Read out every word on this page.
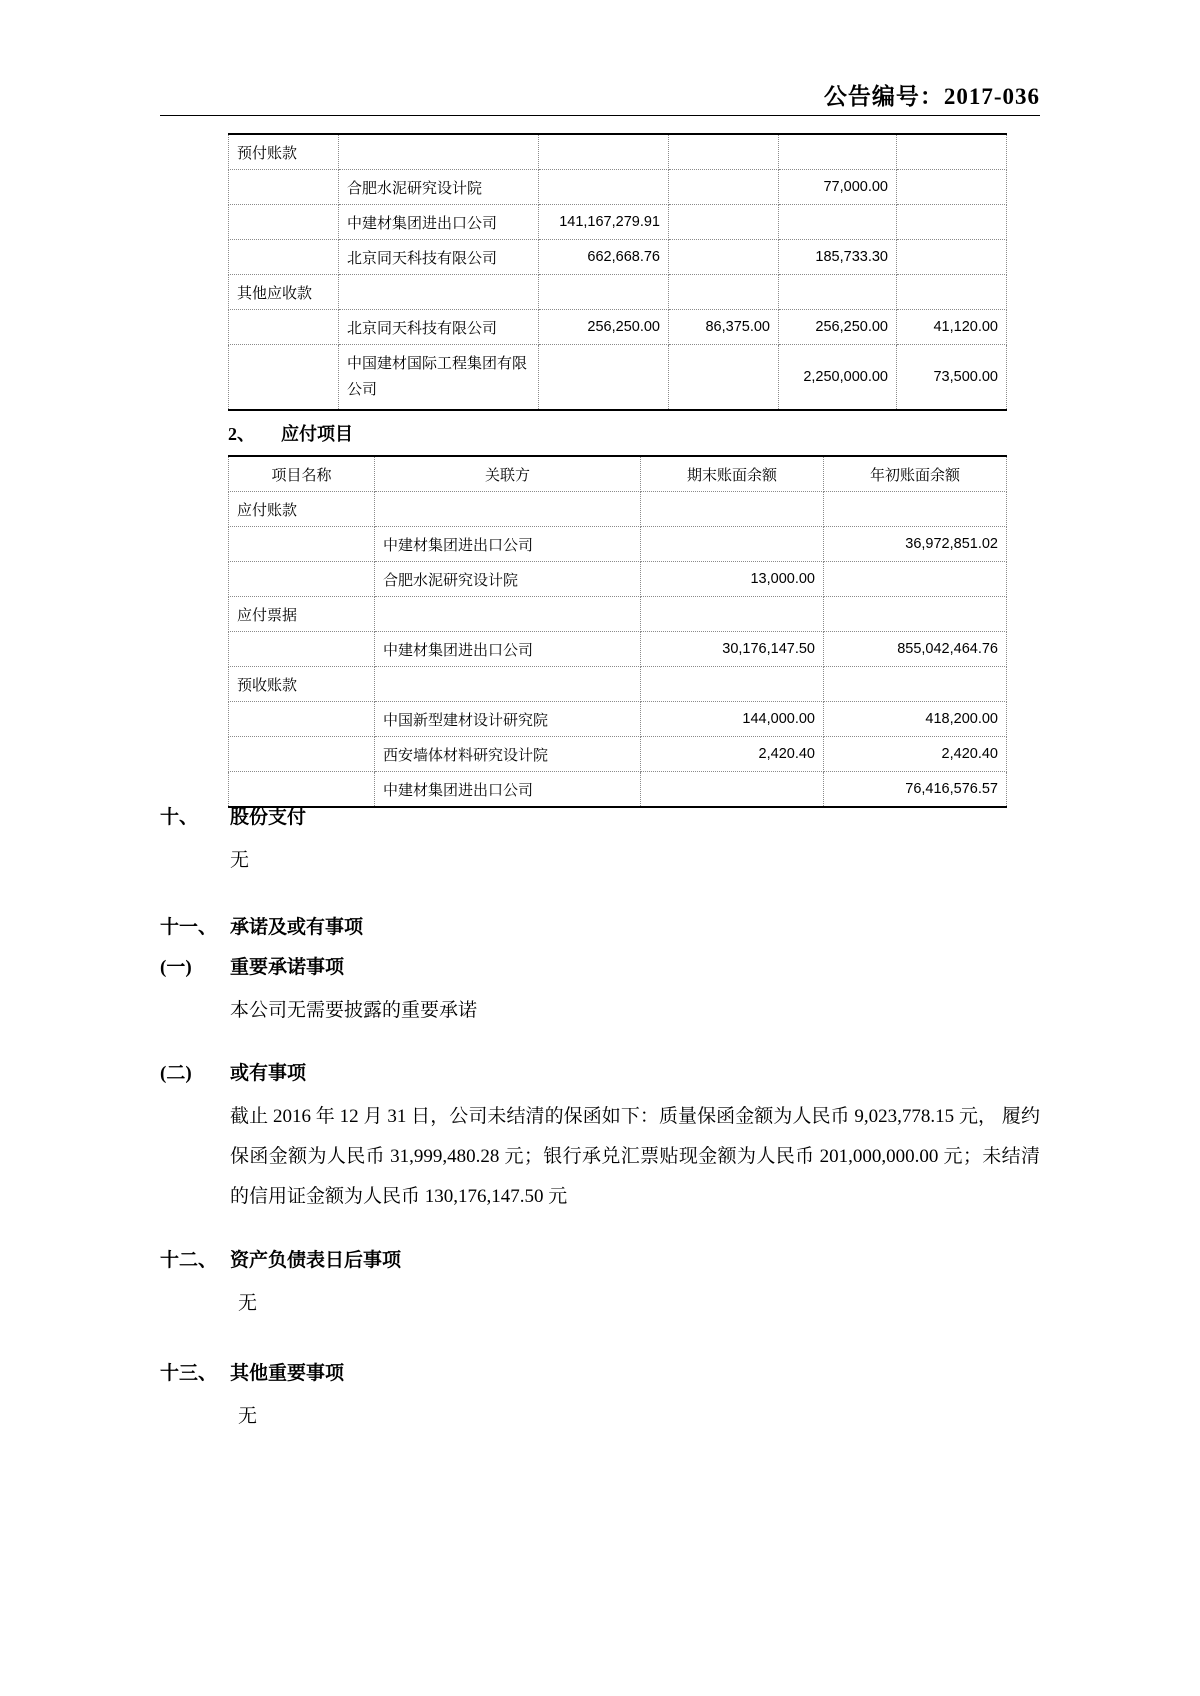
公告编号：2017-036
预付账款					
	合肥水泥研究设计院			77,000.00	
	中建材集团进出口公司	141,167,279.91			
	北京同天科技有限公司	662,668.76		185,733.30	
其他应收款					
	北京同天科技有限公司	256,250.00	86,375.00	256,250.00	41,120.00
	中国建材国际工程集团有限公司			2,250,000.00	73,500.00
2、 应付项目
项目名称	关联方	期末账面余额	年初账面余额
应付账款			
	中建材集团进出口公司		36,972,851.02
	合肥水泥研究设计院	13,000.00	
应付票据			
	中建材集团进出口公司	30,176,147.50	855,042,464.76
预收账款			
	中国新型建材设计研究院	144,000.00	418,200.00
	西安墙体材料研究设计院	2,420.40	2,420.40
	中建材集团进出口公司		76,416,576.57
十、	股份支付
无
十一、 承诺及或有事项
(一)	重要承诺事项
本公司无需要披露的重要承诺
(二)	或有事项
截止 2016 年 12 月 31 日，公司未结清的保函如下：质量保函金额为人民币 9,023,778.15 元， 履约保函金额为人民币 31,999,480.28 元；银行承兑汇票贴现金额为人民币 201,000,000.00 元；未结清的信用证金额为人民币 130,176,147.50 元
十二、 资产负债表日后事项
无
十三、 其他重要事项
无
